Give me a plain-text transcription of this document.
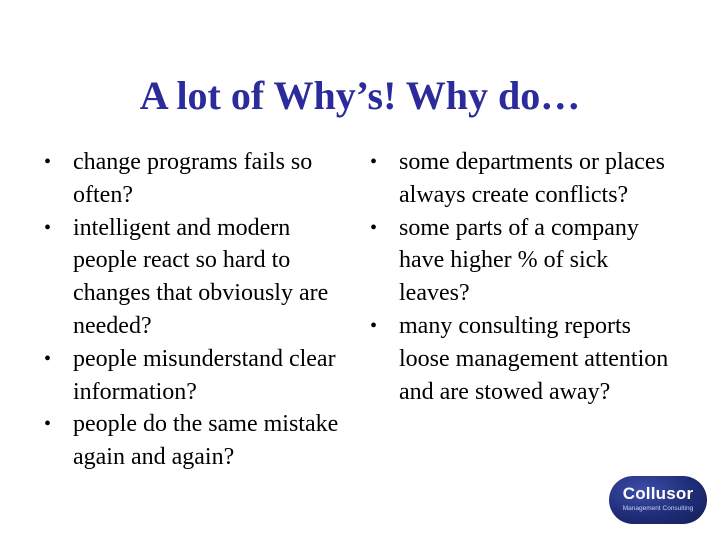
A lot of Why’s! Why do…
• change programs fails so often?
• intelligent and modern people react so hard to changes that obviously are needed?
• people misunderstand clear information?
• people do the same mistake again and again?
• some departments or places always create conflicts?
• some parts of a company have higher % of sick leaves?
• many consulting reports loose management attention and are stowed away?
Collusor
Management Consulting
